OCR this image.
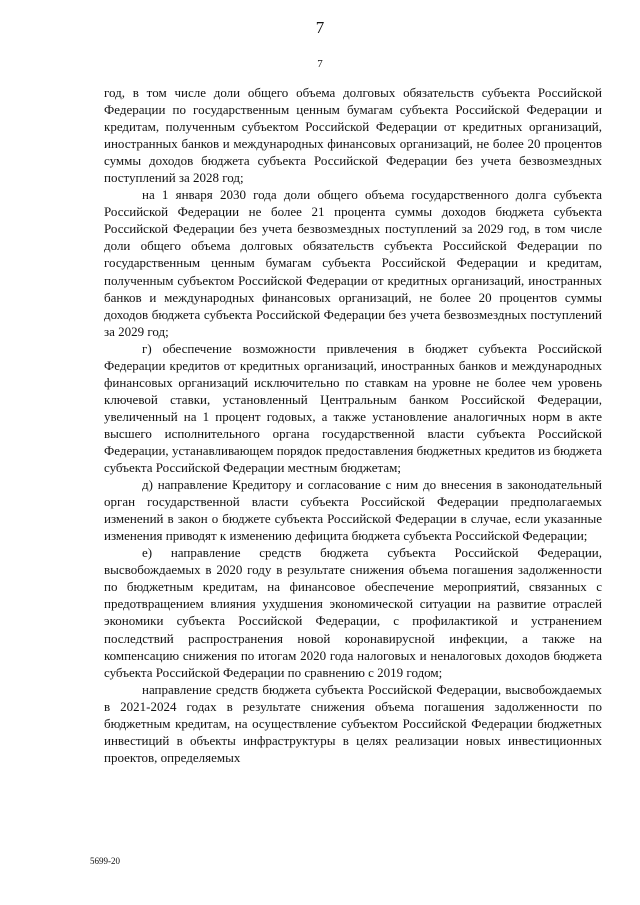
7
7

год, в том числе доли общего объема долговых обязательств субъекта Российской Федерации по государственным ценным бумагам субъекта Российской Федерации и кредитам, полученным субъектом Российской Федерации от кредитных организаций, иностранных банков и международных финансовых организаций, не более 20 процентов суммы доходов бюджета субъекта Российской Федерации без учета безвозмездных поступлений за 2028 год;

на 1 января 2030 года доли общего объема государственного долга субъекта Российской Федерации не более 21 процента суммы доходов бюджета субъекта Российской Федерации без учета безвозмездных поступлений за 2029 год, в том числе доли общего объема долговых обязательств субъекта Российской Федерации по государственным ценным бумагам субъекта Российской Федерации и кредитам, полученным субъектом Российской Федерации от кредитных организаций, иностранных банков и международных финансовых организаций, не более 20 процентов суммы доходов бюджета субъекта Российской Федерации без учета безвозмездных поступлений за 2029 год;

г) обеспечение возможности привлечения в бюджет субъекта Российской Федерации кредитов от кредитных организаций, иностранных банков и международных финансовых организаций исключительно по ставкам на уровне не более чем уровень ключевой ставки, установленный Центральным банком Российской Федерации, увеличенный на 1 процент годовых, а также установление аналогичных норм в акте высшего исполнительного органа государственной власти субъекта Российской Федерации, устанавливающем порядок предоставления бюджетных кредитов из бюджета субъекта Российской Федерации местным бюджетам;

д) направление Кредитору и согласование с ним до внесения в законодательный орган государственной власти субъекта Российской Федерации предполагаемых изменений в закон о бюджете субъекта Российской Федерации в случае, если указанные изменения приводят к изменению дефицита бюджета субъекта Российской Федерации;

е) направление средств бюджета субъекта Российской Федерации, высвобождаемых в 2020 году в результате снижения объема погашения задолженности по бюджетным кредитам, на финансовое обеспечение мероприятий, связанных с предотвращением влияния ухудшения экономической ситуации на развитие отраслей экономики субъекта Российской Федерации, с профилактикой и устранением последствий распространения новой коронавирусной инфекции, а также на компенсацию снижения по итогам 2020 года налоговых и неналоговых доходов бюджета субъекта Российской Федерации по сравнению с 2019 годом;

направление средств бюджета субъекта Российской Федерации, высвобождаемых в 2021-2024 годах в результате снижения объема погашения задолженности по бюджетным кредитам, на осуществление субъектом Российской Федерации бюджетных инвестиций в объекты инфраструктуры в целях реализации новых инвестиционных проектов, определяемых

5699-20
